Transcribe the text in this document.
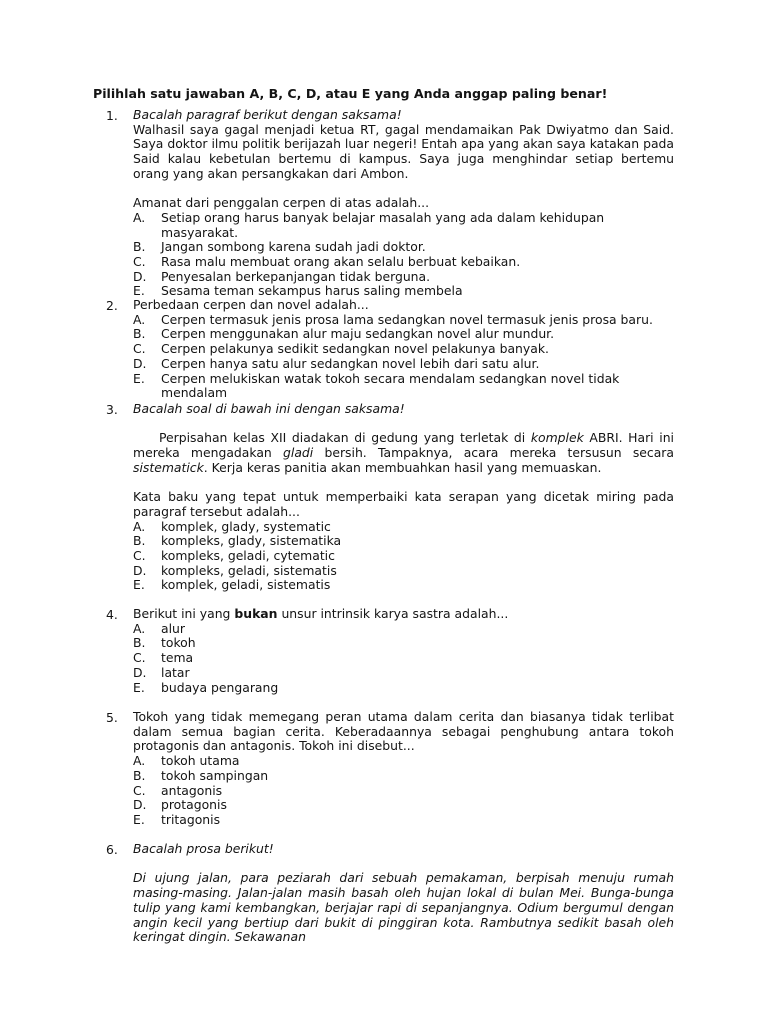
Pilihlah satu jawaban A, B, C, D, atau E yang Anda anggap paling benar!
1.	Bacalah paragraf berikut dengan saksama!

Walhasil saya gagal menjadi ketua RT, gagal mendamaikan Pak Dwiyatmo dan Said. Saya doktor ilmu politik berijazah luar negeri! Entah apa yang akan saya katakan pada Said kalau kebetulan bertemu di kampus. Saya juga menghindar setiap bertemu orang yang akan persangkakan dari Ambon.

Amanat dari penggalan cerpen di atas adalah...

A.	Setiap orang harus banyak belajar masalah yang ada dalam kehidupan masyarakat.
B.	Jangan sombong karena sudah jadi doktor.
C.	Rasa malu membuat orang akan selalu berbuat kebaikan.
D.	Penyesalan berkepanjangan tidak berguna.
E.	Sesama teman sekampus harus saling membela
2.	Perbedaan cerpen dan novel adalah...

A.	Cerpen termasuk jenis prosa lama sedangkan novel termasuk jenis prosa baru.
B.	Cerpen menggunakan alur maju sedangkan novel alur mundur.
C.	Cerpen pelakunya sedikit sedangkan novel pelakunya banyak.
D.	Cerpen hanya satu alur sedangkan novel lebih dari satu alur.
E.	Cerpen melukiskan watak tokoh secara mendalam sedangkan novel tidak mendalam
3.	Bacalah soal di bawah ini dengan saksama!

Perpisahan kelas XII diadakan di gedung yang terletak di komplek ABRI. Hari ini mereka mengadakan gladi bersih. Tampaknya, acara mereka tersusun secara sistematick. Kerja keras panitia akan membuahkan hasil yang memuaskan.

Kata baku yang tepat untuk memperbaiki kata serapan yang dicetak miring pada paragraf tersebut adalah...

A.	komplek, glady, systematic
B.	kompleks, glady, sistematika
C.	kompleks, geladi, cytematic
D.	kompleks, geladi, sistematis
E.	komplek, geladi, sistematis
4.	Berikut ini yang bukan unsur intrinsik karya sastra adalah...

A.	alur
B.	tokoh
C.	tema
D.	latar
E.	budaya pengarang
5.	Tokoh yang tidak memegang peran utama dalam cerita dan biasanya tidak terlibat dalam semua bagian cerita. Keberadaannya sebagai penghubung antara tokoh protagonis dan antagonis. Tokoh ini disebut...

A.	tokoh utama
B.	tokoh sampingan
C.	antagonis
D.	protagonis
E.	tritagonis
6.	Bacalah prosa berikut!

Di ujung jalan, para peziarah dari sebuah pemakaman, berpisah menuju rumah masing-masing. Jalan-jalan masih basah oleh hujan lokal di bulan Mei. Bunga-bunga tulip yang kami kembangkan, berjajar rapi di sepanjangnya. Odium bergumul dengan angin kecil yang bertiup dari bukit di pinggiran kota. Rambutnya sedikit basah oleh keringat dingin. Sekawanan
